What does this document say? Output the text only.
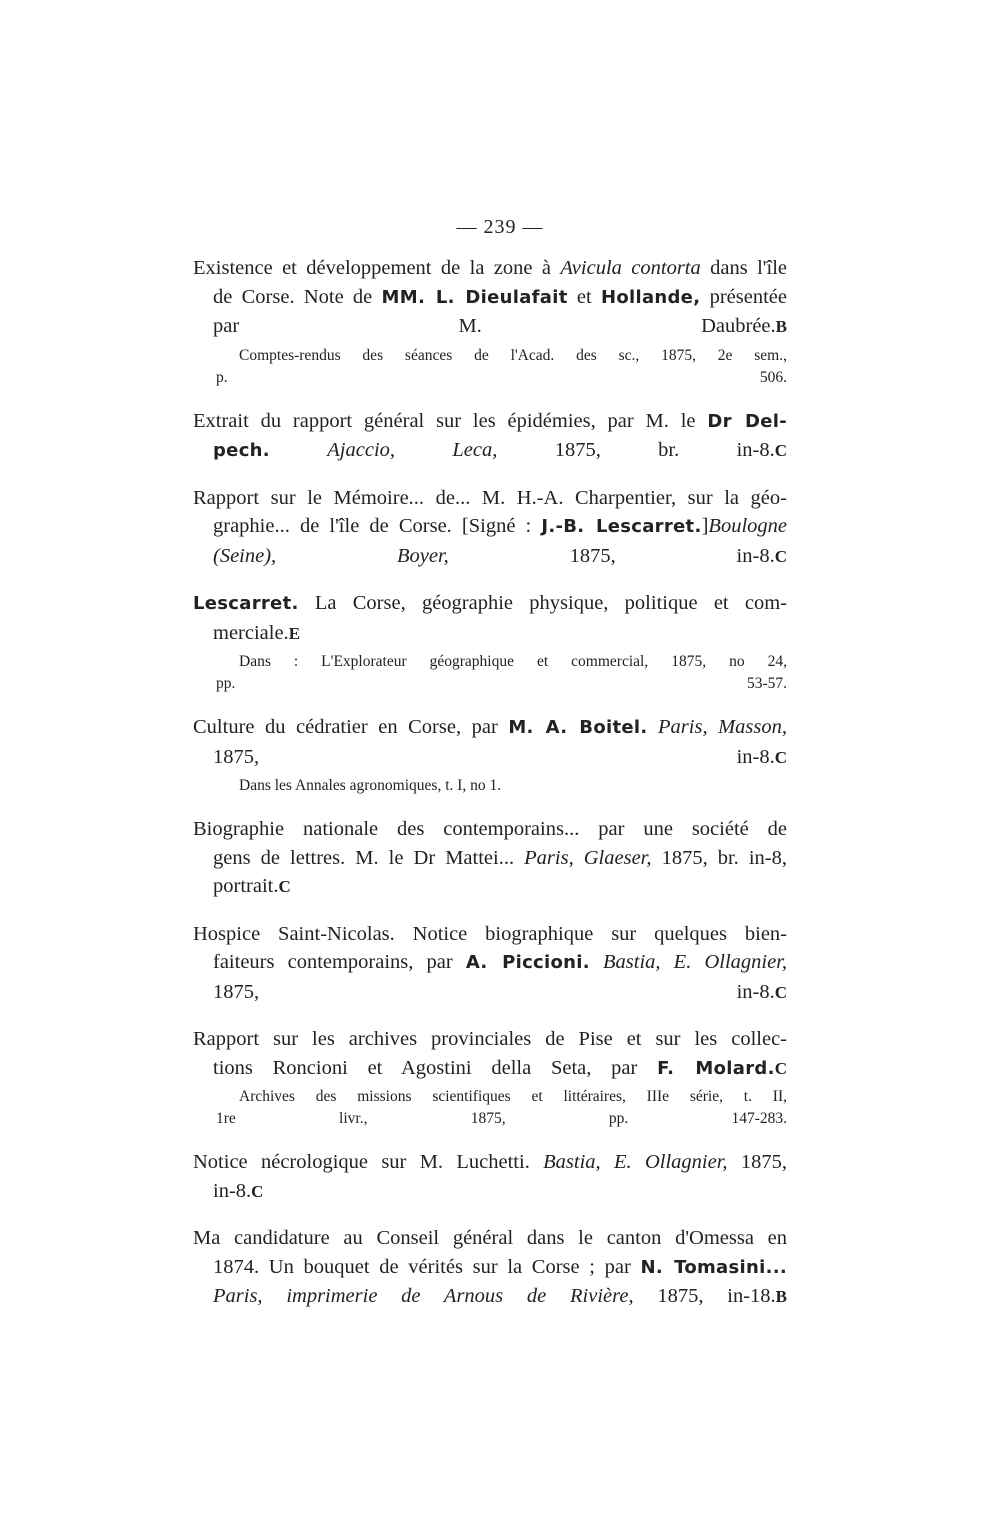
— 239 —
Existence et développement de la zone à Avicula contorta dans l'île
de Corse. Note de MM. L. Dieulafait et Hollande, présentée
par M. Daubrée.B
Comptes-rendus des séances de l'Acad. des sc., 1875, 2e sem.,
p. 506.
Extrait du rapport général sur les épidémies, par M. le Dr Del-
pech.	Ajaccio, Leca, 1875, br. in-8.C
Rapport sur le Mémoire... de... M. H.-A. Charpentier, sur la géo-
graphie... de l'île de Corse. [Signé : J.-B. Lescarret.]Boulogne
(Seine), Boyer, 1875, in-8.C
Lescarret. La Corse, géographie physique, politique et com-
merciale.E
Dans : L'Explorateur géographique et commercial, 1875, no 24,
pp. 53-57.
Culture du cédratier en Corse, par M. A. Boitel. Paris, Masson,
1875, in-8.C
Dans les Annales agronomiques, t. I, no 1.
Biographie nationale des contemporains... par une société de
gens de lettres. M. le Dr Mattei... Paris, Glaeser, 1875, br. in-8,
portrait.C
Hospice Saint-Nicolas. Notice biographique sur quelques bien-
faiteurs contemporains, par A. Piccioni. Bastia, E. Ollagnier,
1875, in-8.C
Rapport sur les archives provinciales de Pise et sur les collec-
tions Roncioni et Agostini della Seta, par F. Molard.C
Archives des missions scientifiques et littéraires, IIIe série, t. II,
1re livr., 1875, pp. 147-283.
Notice nécrologique sur M. Luchetti. Bastia, E. Ollagnier, 1875,
in-8.C
Ma candidature au Conseil général dans le canton d'Omessa en
1874. Un bouquet de vérités sur la Corse ; par N. Tomasini...
Paris, imprimerie de Arnous de Rivière, 1875, in-18.B
